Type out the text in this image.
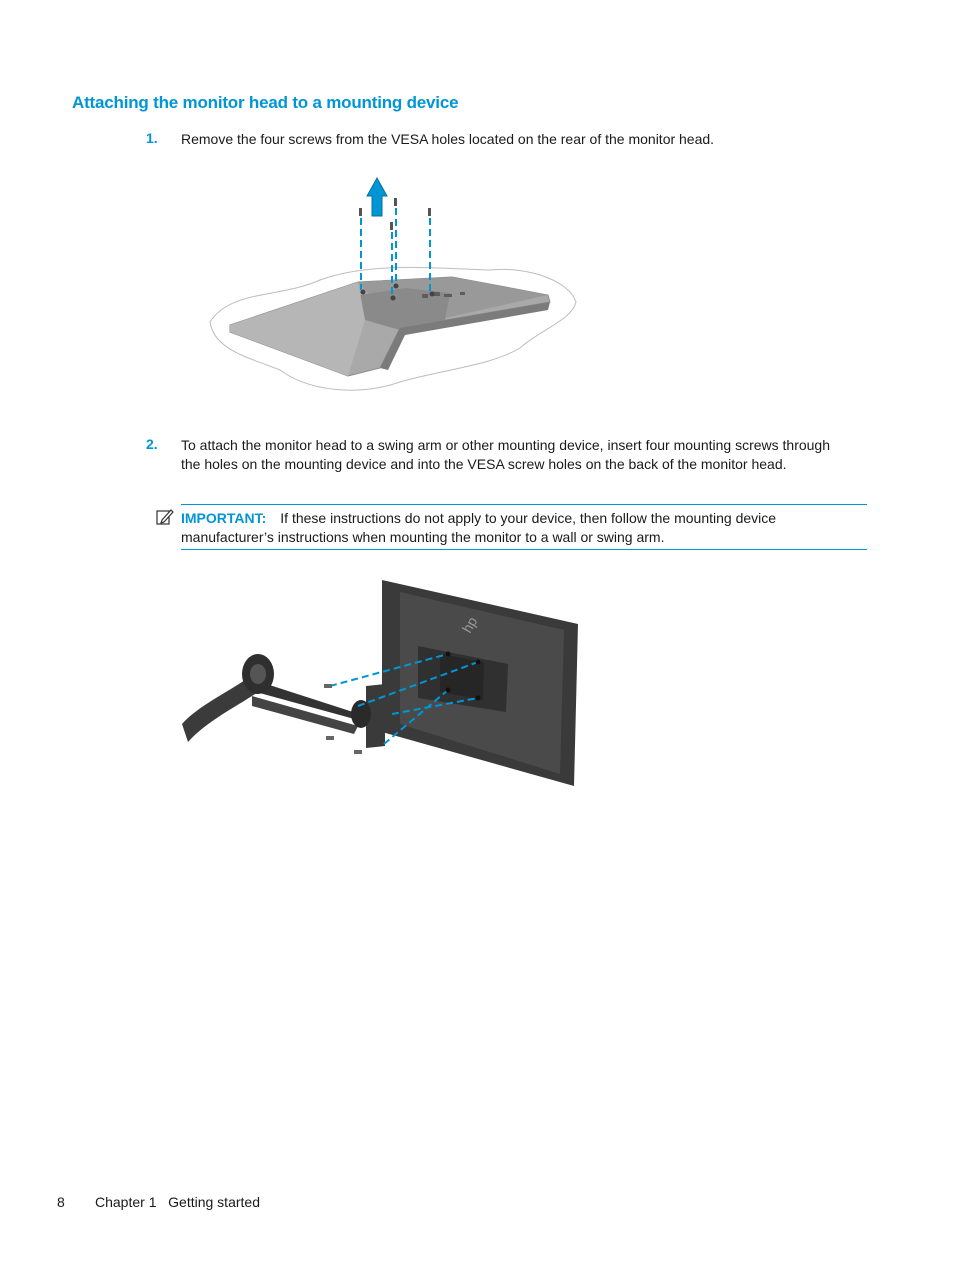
Attaching the monitor head to a mounting device
1. Remove the four screws from the VESA holes located on the rear of the monitor head.
2. To attach the monitor head to a swing arm or other mounting device, insert four mounting screws through the holes on the mounting device and into the VESA screw holes on the back of the monitor head.
IMPORTANT: If these instructions do not apply to your device, then follow the mounting device manufacturer’s instructions when mounting the monitor to a wall or swing arm.
hp
8 Chapter 1   Getting started
